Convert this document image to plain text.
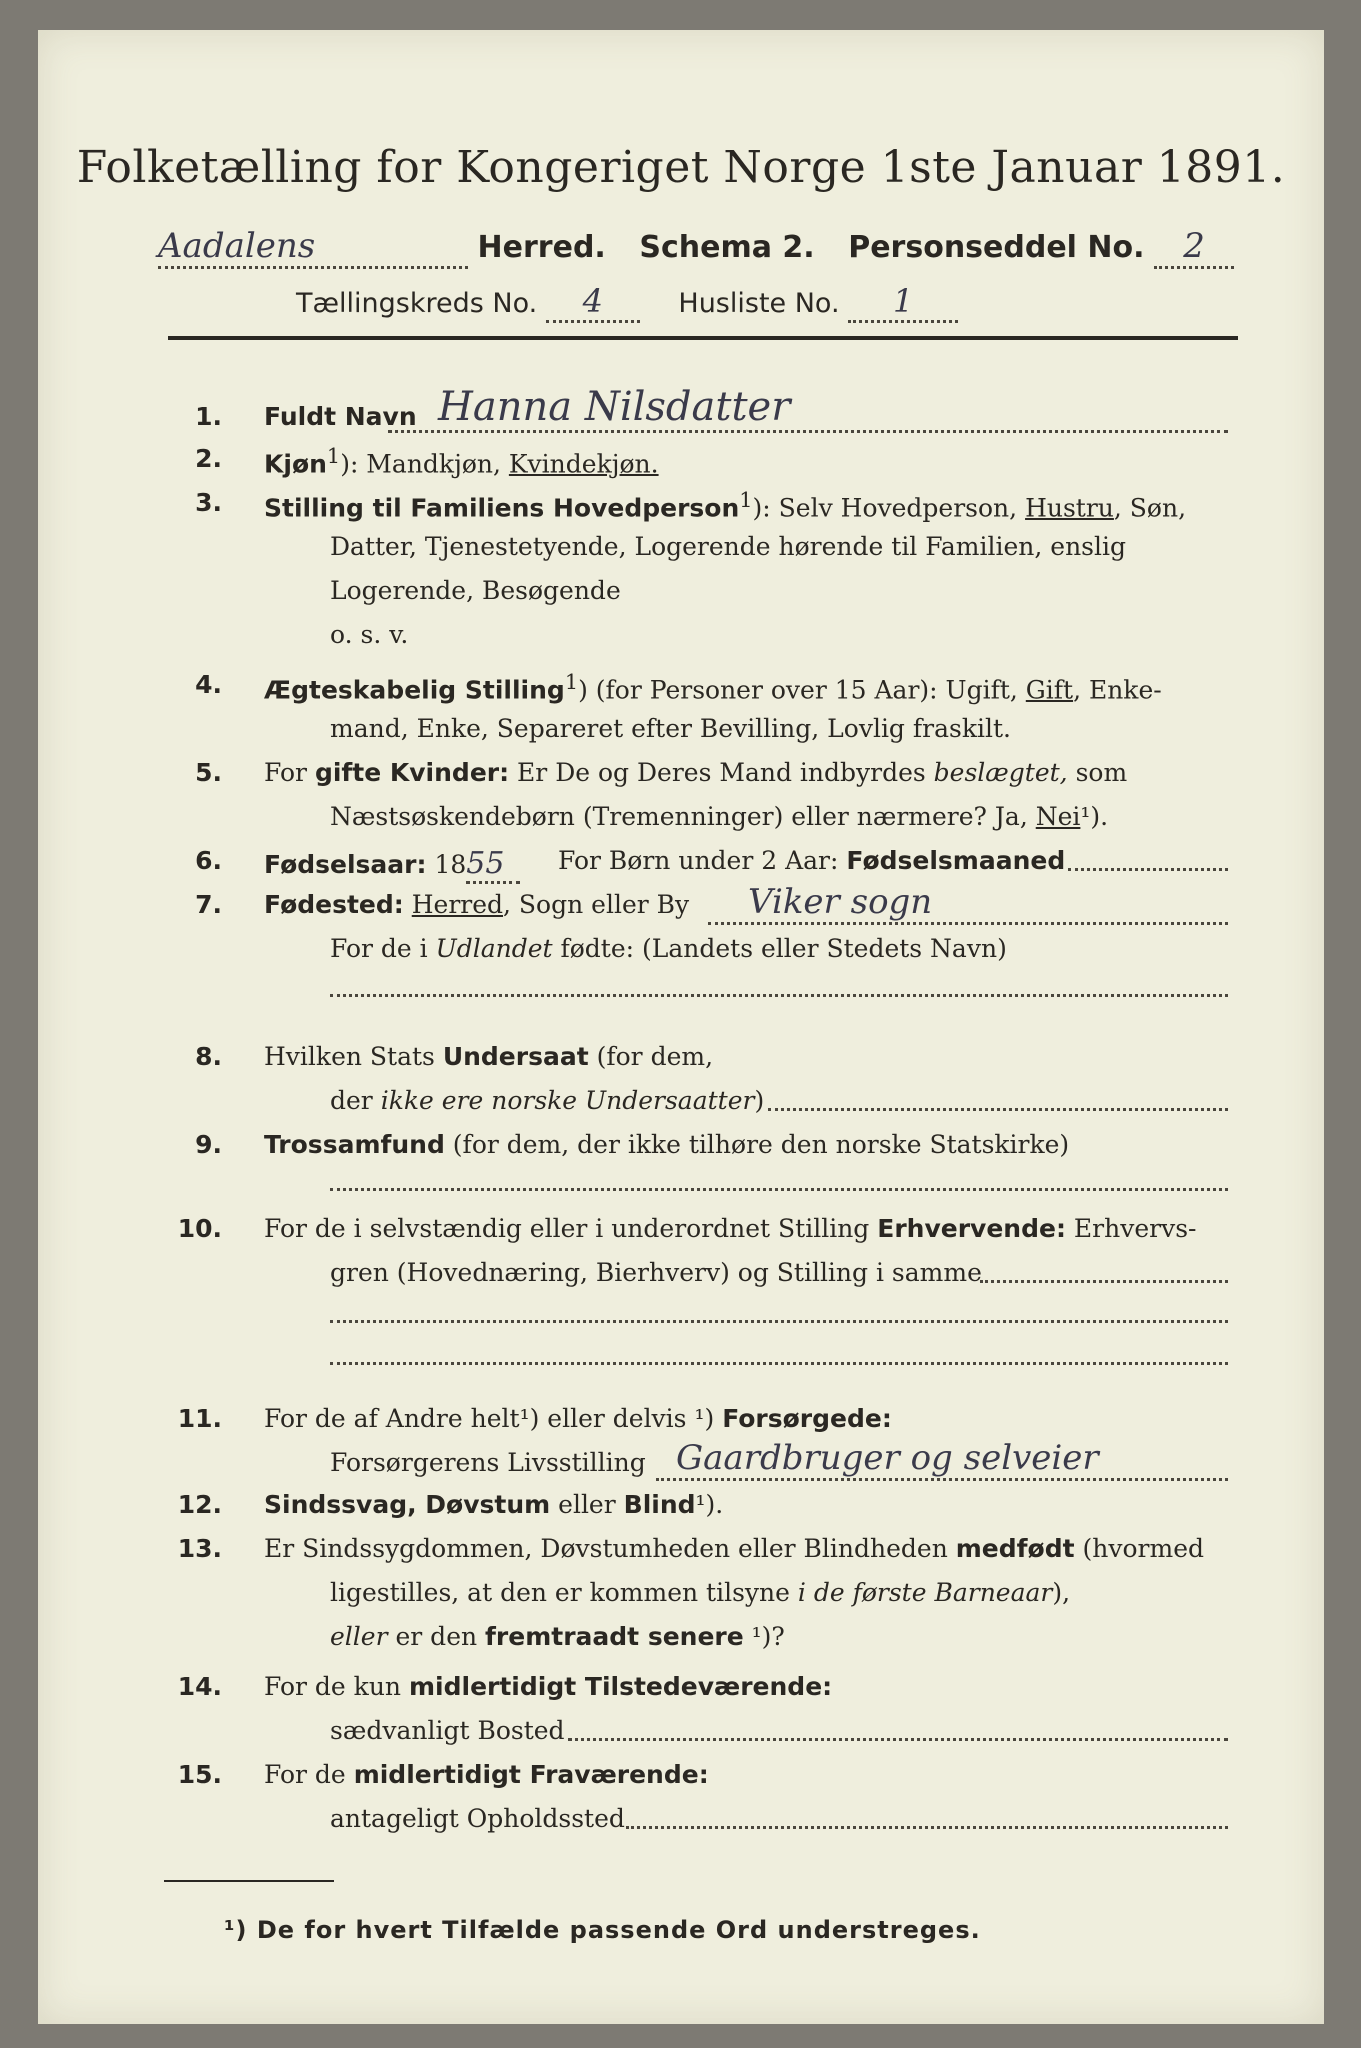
Folketælling for Kongeriget Norge 1ste Januar 1891.
Aadalens	Herred. Schema 2. Personseddel No. 2
Tællingskreds No. 4	Husliste No. 1
1. Fuldt Navn Hanna Nilsdatter
2. Kjøn$^1$): Mandkjøn, Kvindekjøn.
3. Stilling til Familiens Hovedperson$^1$): Selv Hovedperson, Hustru, Søn,
Datter, Tjenestetyende, Logerende hørende til Familien, enslig
Logerende, Besøgende
o. s. v.
4. Ægteskabelig Stilling$^1$) (for Personer over 15 Aar): Ugift, Gift, Enke-
mand, Enke, Separeret efter Bevilling, Lovlig fraskilt.
5. For gifte Kvinder: Er De og Deres Mand indbyrdes beslægtet, som
Næstsøskendebørn (Tremenninger) eller nærmere? Ja, Nei¹).
6. Fødselsaar: 1855	For Børn under 2 Aar: Fødselsmaaned
7. Fødested: Herred, Sogn eller By	Viker sogn
For de i Udlandet fødte: (Landets eller Stedets Navn)
8. Hvilken Stats Undersaat (for dem,
der ikke ere norske Undersaatter)
9. Trossamfund (for dem, der ikke tilhøre den norske Statskirke)
10. For de i selvstændig eller i underordnet Stilling Erhvervende: Erhvervs-
gren (Hovednæring, Bierhverv) og Stilling i samme
11. For de af Andre helt¹) eller delvis ¹) Forsørgede:
Forsørgerens Livsstilling Gaardbruger og selveier
12. Sindssvag, Døvstum eller Blind¹).
13. Er Sindssygdommen, Døvstumheden eller Blindheden medfødt (hvormed
ligestilles, at den er kommen tilsyne i de første Barneaar),
eller er den fremtraadt senere ¹)?
14. For de kun midlertidigt Tilstedeværende:
sædvanligt Bosted
15. For de midlertidigt Fraværende:
antageligt Opholdssted
¹) De for hvert Tilfælde passende Ord understreges.
